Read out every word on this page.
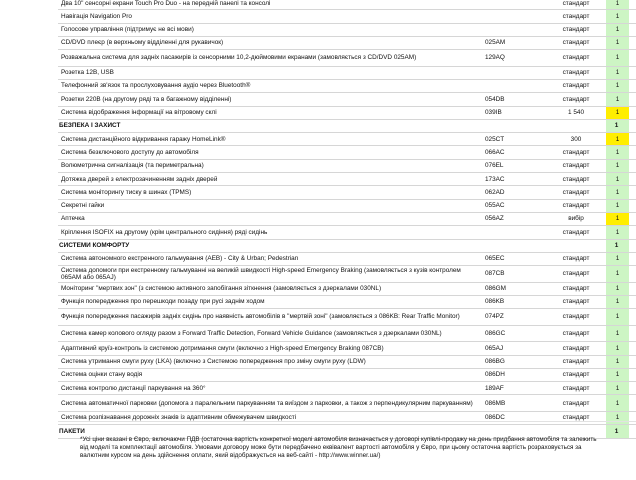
Два 10" сенсорні екрани Touch Pro Duo - на передній панелі та консолі		стандарт	1	
Навігація Navigation Pro		стандарт	1	
Голосове управління (підтримує не всі мови)		стандарт	1	
CD/DVD плеєр (в верхньому відділенні для рукавичок)	025AM	стандарт	1	
Розважальна система для задніх пасажирів із сенсорними 10,2-дюймовими екранами (замовляється з CD/DVD 025AM)	129AQ	стандарт	1	
Розетка 12В, USB		стандарт	1	
Телефонний зв'язок та прослуховування аудіо через Bluetooth®		стандарт	1	
Розетки 220В (на другому ряді та в багажному відділенні)	054DB	стандарт	1	
Система відображення інформації на вітровому склі	039IB	1 540	1	
БЕЗПЕКА І ЗАХИСТ			1	
Система дистанційного відкривання гаражу HomeLink®	025CT	300	1	
Система безключового доступу до автомобіля	066AC	стандарт	1	
Волюметрична сигналізація (та периметральна)	076EL	стандарт	1	
Дотяжка дверей з електрозачиненням задніх дверей	173AC	стандарт	1	
Система моніторингу тиску в шинах (TPMS)	062AD	стандарт	1	
Секретні гайки	055AC	стандарт	1	
Аптечка	056AZ	вибір	1	
Кріплення ISOFIX на другому (крім центрального сидіння) ряді сидінь		стандарт	1	
СИСТЕМИ КОМФОРТУ			1	
Система автономного екстренного гальмування (AEB) - City & Urban; Pedestrian	065EC	стандарт	1	
Система допомоги при екстренному гальмуванні на великій швидкості High-speed Emergency Braking (замовляється з кузів контролем 065AM або 065AJ)	087CB	стандарт	1	
Моніторинг "мертвих зон" (з системою активного запобігання зіткнення (замовляється з дзеркалами 030NL)	086GM	стандарт	1	
Функція попередження про перешкоди позаду при русі заднім ходом	086KB	стандарт	1	
Функція попередження пасажирів задніх сидінь про наявність автомобілів в "мертвій зоні" (замовляється з 086KB: Rear Traffic Monitor)	074PZ	стандарт	1	
Система камер колового огляду разом з Forward Traffic Detection, Forward Vehicle Guidance (замовляється з дзеркалами 030NL)	086GC	стандарт	1	
Адаптивний круїз-контроль із системою дотримання смуги (включно з High-speed Emergency Braking 087CB)	065AJ	стандарт	1	
Система утримання смуги руху (LKA) (включно з Системою попередження про зміну смуги руху (LDW)	086BG	стандарт	1	
Система оцінки стану водія	086DH	стандарт	1	
Система контролю дистанції паркування на 360°	189AF	стандарт	1	
Система автоматичної парковки (допомога з паралельним паркуванням та виїздом з парковки, а також з перпендикулярним паркуванням)	086MB	стандарт	1	
Система розпізнавання дорожніх знаків із адаптивним обмежувачем швидкості	086DC	стандарт	1	
ПАКЕТИ			1	

*Усі ціни вказані в Євро, включаючи ПДВ (остаточна вартість конкретної моделі автомобіля визначається у договорі купівлі-продажу на день придбання автомобіля та залежить від моделі та комплектації автомобіля. Умовами договору може бути передбачено еквівалент вартості автомобіля у Євро, при цьому остаточна вартість розраховується за валютним курсом на день здійснення оплати, який відображується на веб-сайті - http://www.winner.ua/)
